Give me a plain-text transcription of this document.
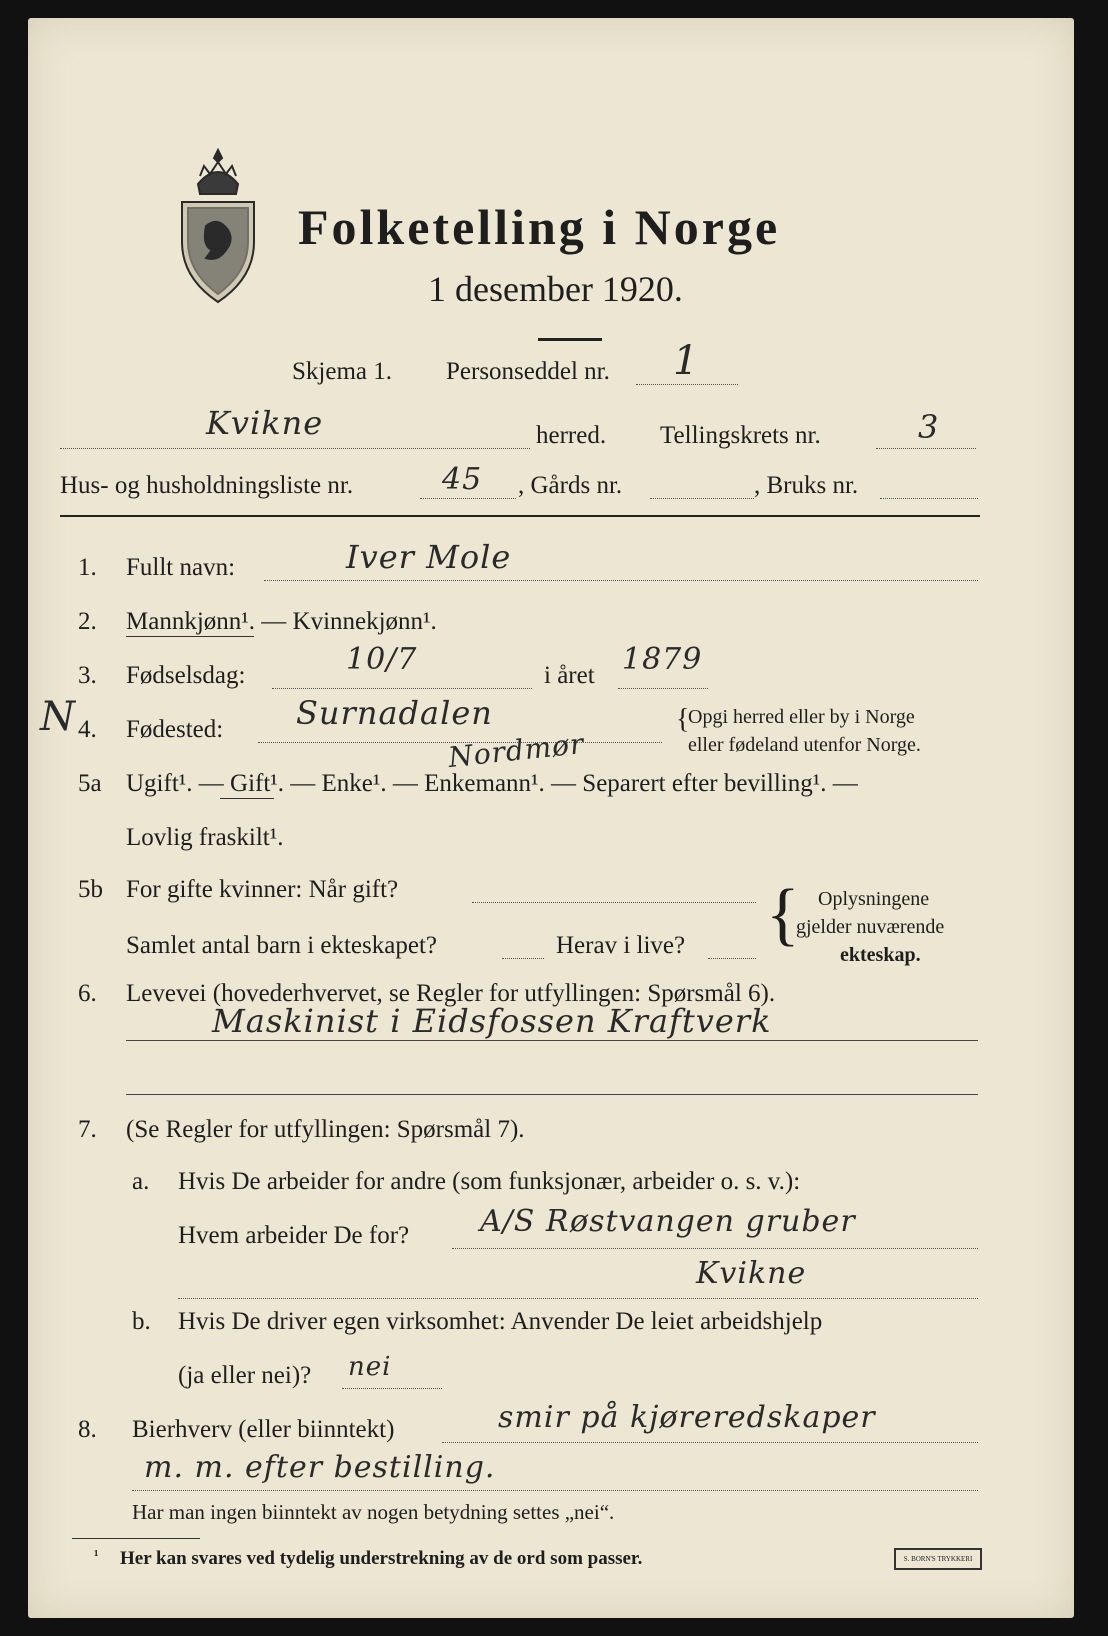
Folketelling i Norge
1 desember 1920.
Skjema 1. Personseddel nr. 1
Kvikne	herred. Tellingskrets nr.	3
Hus- og husholdningsliste nr.	45 , Gårds nr.	, Bruks nr.
1. Fullt navn:	Iver Mole
2. Mannkjønn¹. — Kvinnekjønn¹.
3. Fødselsdag:	10/7	i året 1879
N 4. Fødested: Surnadalen
Nordmør
{
Opgi herred eller by i Norge
eller fødeland utenfor Norge.
5a Ugift¹. — Gift¹. — Enke¹. — Enkemann¹. — Separert efter bevilling¹. —
Lovlig fraskilt¹.
5b For gifte kvinner: Når gift?
Samlet antal barn i ekteskapet?	Herav i live? { Oplysningene
gjelder nuværende
ekteskap.
6. Levevei (hovederhvervet, se Regler for utfyllingen: Spørsmål 6).
Maskinist i Eidsfossen Kraftverk
7. (Se Regler for utfyllingen: Spørsmål 7).
a. Hvis De arbeider for andre (som funksjonær, arbeider o. s. v.):
Hvem arbeider De for? A/S Røstvangen gruber
Kvikne
b. Hvis De driver egen virksomhet: Anvender De leiet arbeidshjelp
(ja eller nei)? nei
8. Bierhverv (eller biinntekt)	smir på kjøreredskaper
m. m. efter bestilling.
Har man ingen biinntekt av nogen betydning settes „nei“.
¹ Her kan svares ved tydelig understrekning av de ord som passer.	S. BORN'S TRYKKERI
